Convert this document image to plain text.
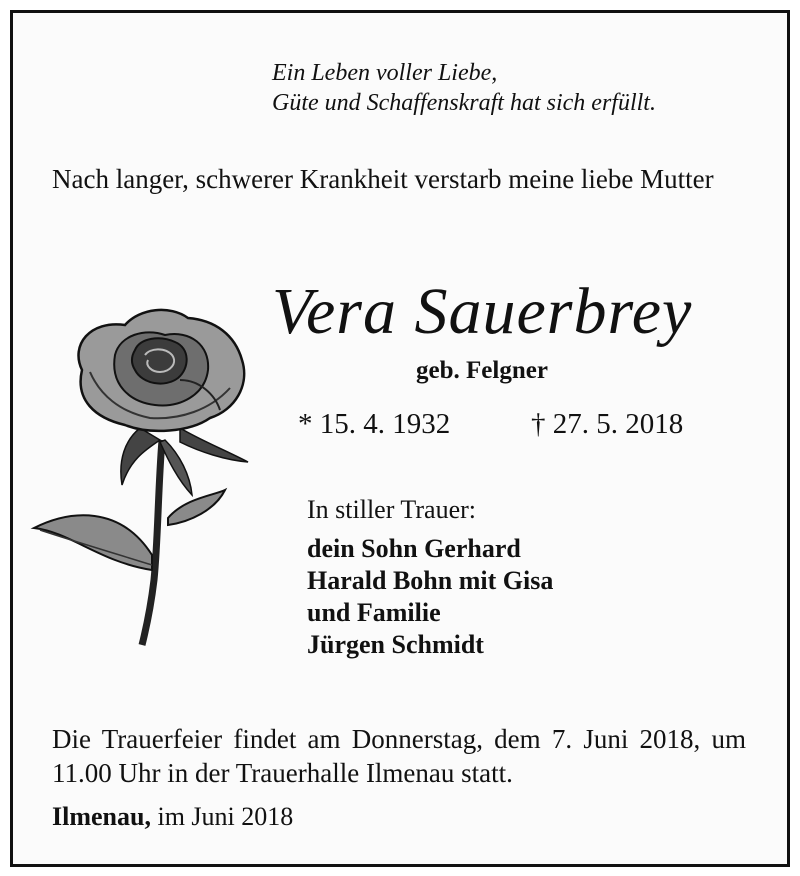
Ein Leben voller Liebe,
Güte und Schaffenskraft hat sich erfüllt.
Nach langer, schwerer Krankheit verstarb meine liebe Mutter
Vera Sauerbrey
geb. Felgner
* 15. 4. 1932	† 27. 5. 2018
In stiller Trauer:
dein Sohn Gerhard
Harald Bohn mit Gisa
und Familie
Jürgen Schmidt
Die Trauerfeier findet am Donnerstag, dem 7. Juni 2018, um 11.00 Uhr in der Trauerhalle Ilmenau statt.
Ilmenau, im Juni 2018
